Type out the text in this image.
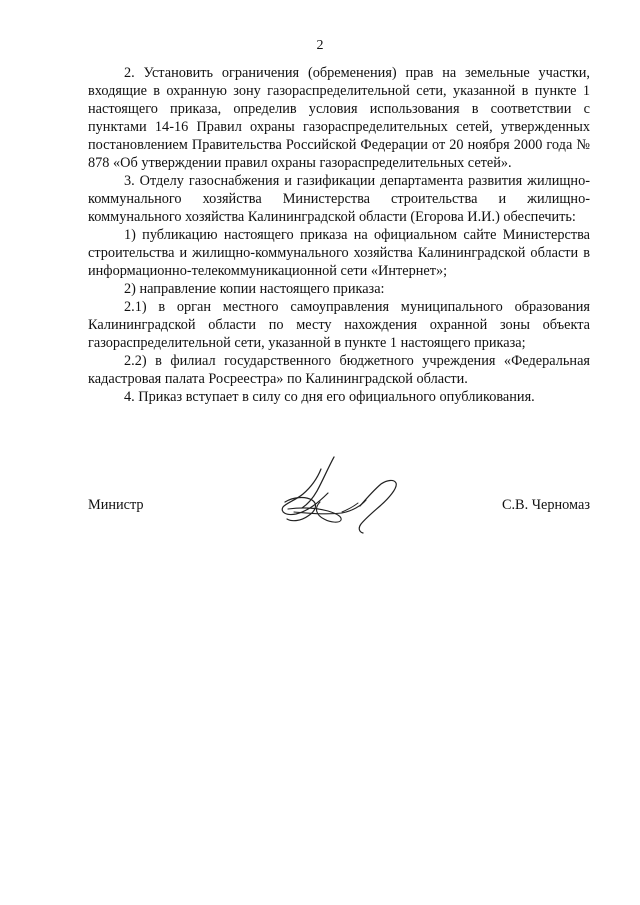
2

2. Установить ограничения (обременения) прав на земельные участки, входящие в охранную зону газораспределительной сети, указанной в пункте 1 настоящего приказа, определив условия использования в соответствии с пунктами 14-16 Правил охраны газораспределительных сетей, утвержденных постановлением Правительства Российской Федерации от 20 ноября 2000 года № 878 «Об утверждении правил охраны газораспределительных сетей».

3. Отделу газоснабжения и газификации департамента развития жилищно-коммунального хозяйства Министерства строительства и жилищно-коммунального хозяйства Калининградской области (Егорова И.И.) обеспечить:

1) публикацию настоящего приказа на официальном сайте Министерства строительства и жилищно-коммунального хозяйства Калининградской области в информационно-телекоммуникационной сети «Интернет»;

2) направление копии настоящего приказа:

2.1) в орган местного самоуправления муниципального образования Калининградской области по месту нахождения охранной зоны объекта газораспределительной сети, указанной в пункте 1 настоящего приказа;

2.2) в филиал государственного бюджетного учреждения «Федеральная кадастровая палата Росреестра» по Калининградской области.

4. Приказ вступает в силу со дня его официального опубликования.

Министр	С.В. Черномаз
